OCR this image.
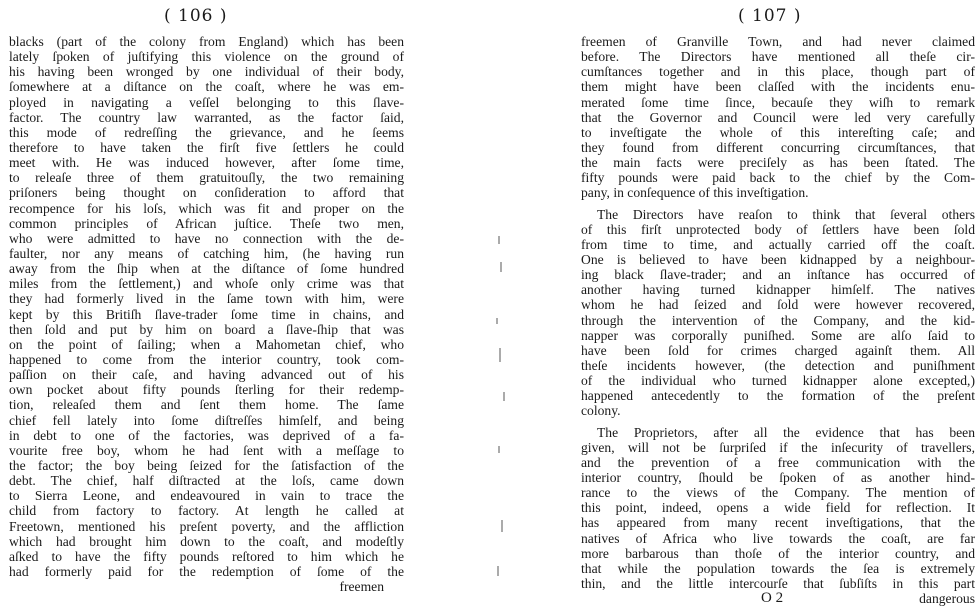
( 106 )
blacks (part of the colony from England) which has been
lately ſpoken of juſtifying this violence on the ground of
his having been wronged by one individual of their body,
ſomewhere at a diſtance on the coaſt, where he was em-
ployed in navigating a veſſel belonging to this ſlave-
factor. The country law warranted, as the factor ſaid,
this mode of redreſſing the grievance, and he ſeems
therefore to have taken the firſt five ſettlers he could
meet with. He was induced however, after ſome time,
to releaſe three of them gratuitouſly, the two remaining
priſoners being thought on conſideration to afford that
recompence for his loſs, which was fit and proper on the
common principles of African juſtice. Theſe two men,
who were admitted to have no connection with the de-
faulter, nor any means of catching him, (he having run
away from the ſhip when at the diſtance of ſome hundred
miles from the ſettlement,) and whoſe only crime was that
they had formerly lived in the ſame town with him, were
kept by this Britiſh ſlave-trader ſome time in chains, and
then ſold and put by him on board a ſlave-ſhip that was
on the point of ſailing; when a Mahometan chief, who
happened to come from the interior country, took com-
paſſion on their caſe, and having advanced out of his
own pocket about fifty pounds ſterling for their redemp-
tion, releaſed them and ſent them home. The ſame
chief fell lately into ſome diſtreſſes himſelf, and being
in debt to one of the factories, was deprived of a fa-
vourite free boy, whom he had ſent with a meſſage to
the factor; the boy being ſeized for the ſatisfaction of the
debt. The chief, half diſtracted at the loſs, came down
to Sierra Leone, and endeavoured in vain to trace the
child from factory to factory. At length he called at
Freetown, mentioned his preſent poverty, and the affliction
which had brought him down to the coaſt, and modeſtly
aſked to have the fifty pounds reſtored to him which he
had formerly paid for the redemption of ſome of the
freemen
( 107 )
freemen of Granville Town, and had never claimed
before. The Directors have mentioned all theſe cir-
cumſtances together and in this place, though part of
them might have been claſſed with the incidents enu-
merated ſome time ſince, becauſe they wiſh to remark
that the Governor and Council were led very carefully
to inveſtigate the whole of this intereſting caſe; and
they found from different concurring circumſtances, that
the main facts were preciſely as has been ſtated. The
fifty pounds were paid back to the chief by the Com-
pany, in conſequence of this inveſtigation.
The Directors have reaſon to think that ſeveral others
of this firſt unprotected body of ſettlers have been ſold
from time to time, and actually carried off the coaſt.
One is believed to have been kidnapped by a neighbour-
ing black ſlave-trader; and an inſtance has occurred of
another having turned kidnapper himſelf. The natives
whom he had ſeized and ſold were however recovered,
through the intervention of the Company, and the kid-
napper was corporally puniſhed. Some are alſo ſaid to
have been ſold for crimes charged againſt them. All
theſe incidents however, (the detection and puniſhment
of the individual who turned kidnapper alone excepted,)
happened antecedently to the formation of the preſent
colony.
The Proprietors, after all the evidence that has been
given, will not be ſurpriſed if the inſecurity of travellers,
and the prevention of a free communication with the
interior country, ſhould be ſpoken of as another hind-
rance to the views of the Company. The mention of
this point, indeed, opens a wide field for reflection. It
has appeared from many recent inveſtigations, that the
natives of Africa who live towards the coaſt, are far
more barbarous than thoſe of the interior country, and
that while the population towards the ſea is extremely
thin, and the little intercourſe that ſubſiſts in this part
O 2	dangerous
